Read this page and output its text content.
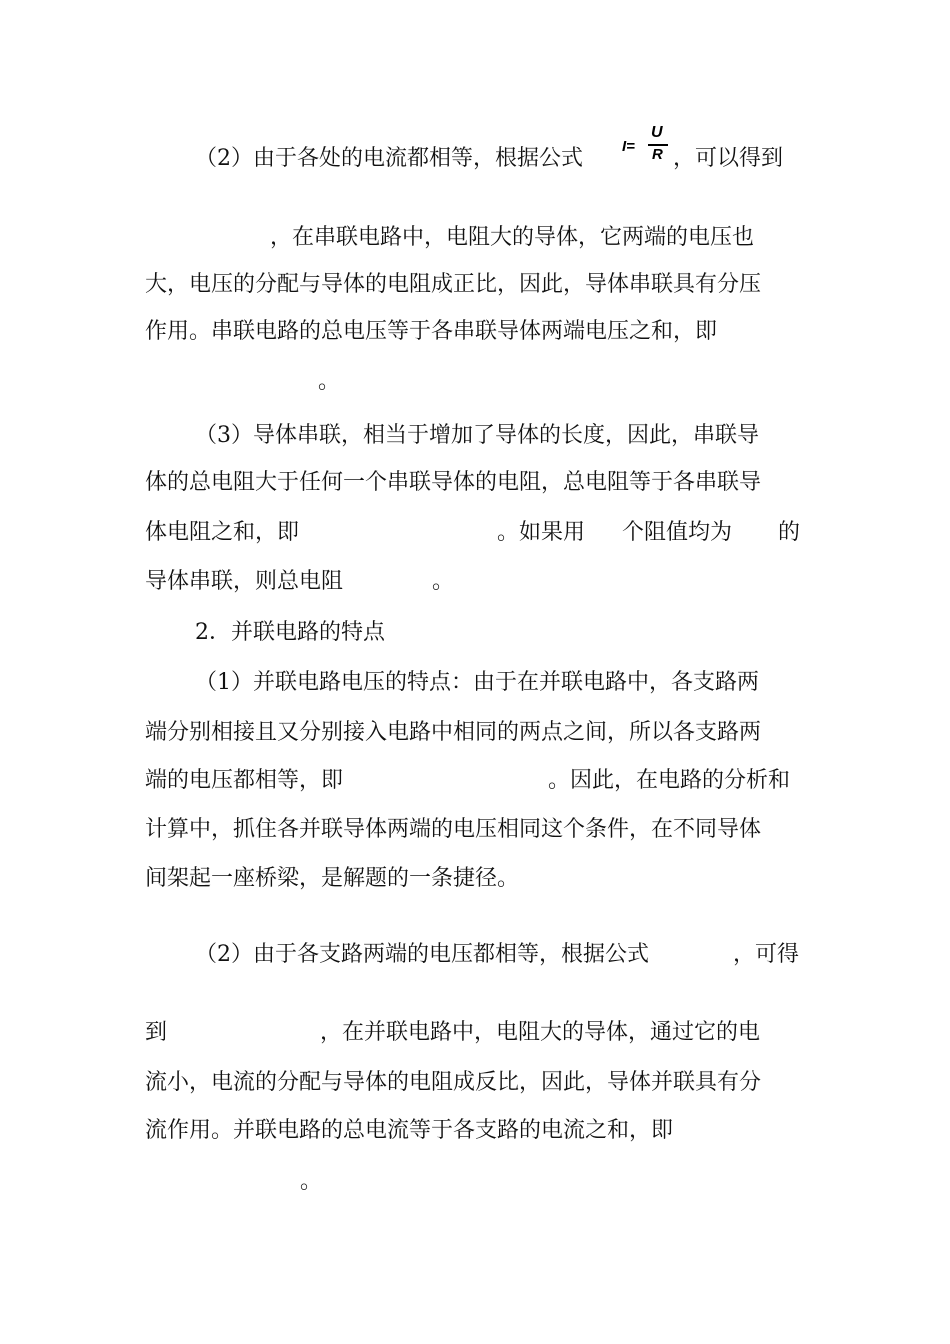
（2）由于各处的电流都相等，根据公式	I=
U
R ，可以得到
，在串联电路中，电阻大的导体，它两端的电压也
大，电压的分配与导体的电阻成正比，因此，导体串联具有分压
作用。串联电路的总电压等于各串联导体两端电压之和，即
。
（3）导体串联，相当于增加了导体的长度，因此，串联导
体的总电阻大于任何一个串联导体的电阻，总电阻等于各串联导
体电阻之和，即	。如果用 个阻值均为 的
导体串联，则总电阻	。
2．并联电路的特点
（1）并联电路电压的特点：由于在并联电路中，各支路两
端分别相接且又分别接入电路中相同的两点之间，所以各支路两
端的电压都相等，即	。因此，在电路的分析和
计算中，抓住各并联导体两端的电压相同这个条件，在不同导体
间架起一座桥梁，是解题的一条捷径。
（2）由于各支路两端的电压都相等，根据公式	，可得
到	，在并联电路中，电阻大的导体，通过它的电
流小，电流的分配与导体的电阻成反比，因此，导体并联具有分
流作用。并联电路的总电流等于各支路的电流之和，即
。
